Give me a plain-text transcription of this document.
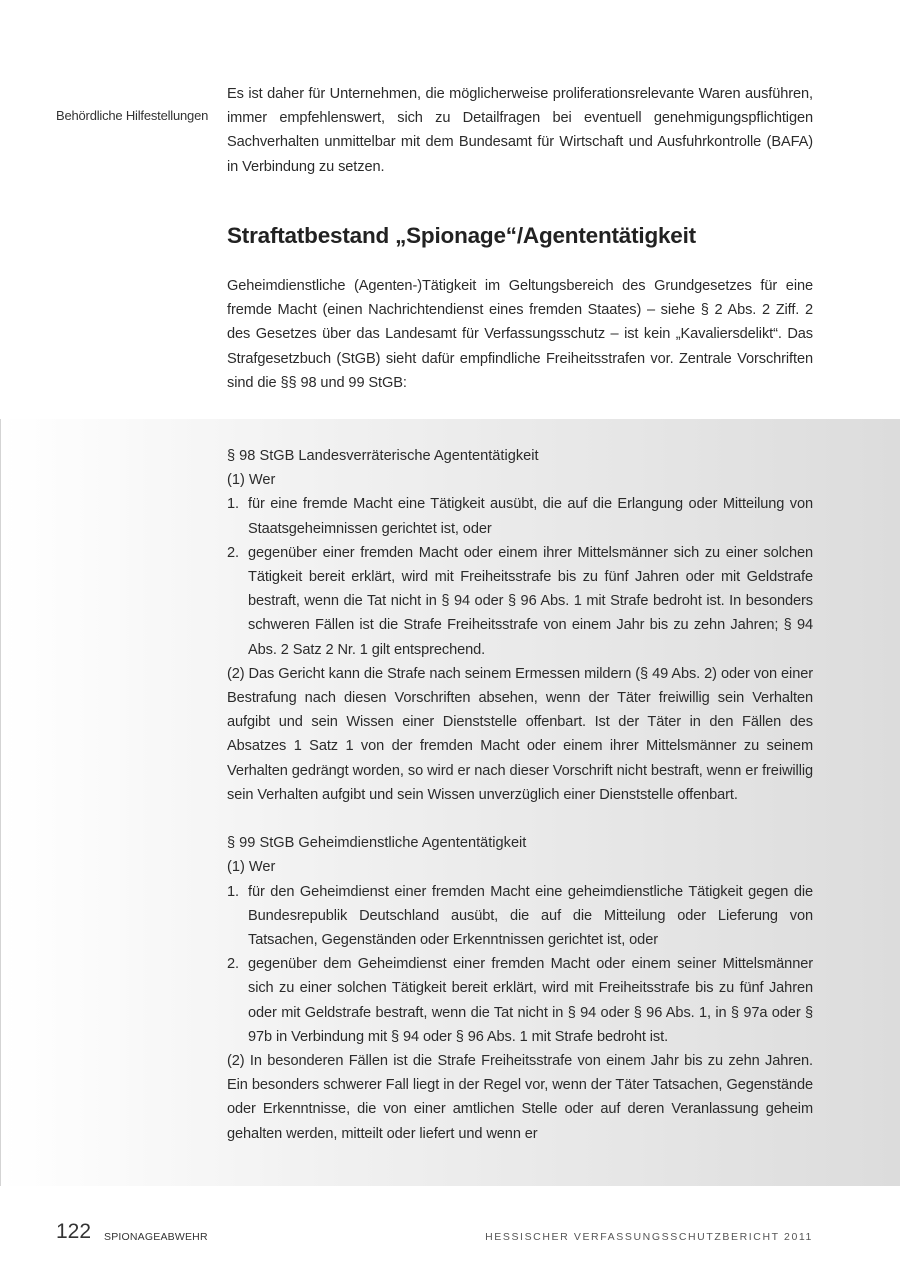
Behördliche Hilfestellungen

Es ist daher für Unternehmen, die möglicherweise proliferationsrelevante Waren ausführen, immer empfehlenswert, sich zu Detailfragen bei eventuell genehmigungspflichtigen Sachverhalten unmittelbar mit dem Bundesamt für Wirtschaft und Ausfuhrkontrolle (BAFA) in Verbindung zu setzen.

Straftatbestand „Spionage“/Agententätigkeit

Geheimdienstliche (Agenten-)Tätigkeit im Geltungsbereich des Grundgesetzes für eine fremde Macht (einen Nachrichtendienst eines fremden Staates) – siehe § 2 Abs. 2 Ziff. 2 des Gesetzes über das Landesamt für Verfassungsschutz – ist kein „Kavaliersdelikt“. Das Strafgesetzbuch (StGB) sieht dafür empfindliche Freiheitsstrafen vor. Zentrale Vorschriften sind die §§ 98 und 99 StGB:

§ 98 StGB Landesverräterische Agententätigkeit
(1) Wer
1. für eine fremde Macht eine Tätigkeit ausübt, die auf die Erlangung oder Mitteilung von Staatsgeheimnissen gerichtet ist, oder
2. gegenüber einer fremden Macht oder einem ihrer Mittelsmänner sich zu einer solchen Tätigkeit bereit erklärt, wird mit Freiheitsstrafe bis zu fünf Jahren oder mit Geldstrafe bestraft, wenn die Tat nicht in § 94 oder § 96 Abs. 1 mit Strafe bedroht ist. In besonders schweren Fällen ist die Strafe Freiheitsstrafe von einem Jahr bis zu zehn Jahren; § 94 Abs. 2 Satz 2 Nr. 1 gilt entsprechend.

(2) Das Gericht kann die Strafe nach seinem Ermessen mildern (§ 49 Abs. 2) oder von einer Bestrafung nach diesen Vorschriften absehen, wenn der Täter freiwillig sein Verhalten aufgibt und sein Wissen einer Dienststelle offenbart. Ist der Täter in den Fällen des Absatzes 1 Satz 1 von der fremden Macht oder einem ihrer Mittelsmänner zu seinem Verhalten gedrängt worden, so wird er nach dieser Vorschrift nicht bestraft, wenn er freiwillig sein Verhalten aufgibt und sein Wissen unverzüglich einer Dienststelle offenbart.

§ 99 StGB Geheimdienstliche Agententätigkeit
(1) Wer
1. für den Geheimdienst einer fremden Macht eine geheimdienstliche Tätigkeit gegen die Bundesrepublik Deutschland ausübt, die auf die Mitteilung oder Lieferung von Tatsachen, Gegenständen oder Erkenntnissen gerichtet ist, oder
2. gegenüber dem Geheimdienst einer fremden Macht oder einem seiner Mittelsmänner sich zu einer solchen Tätigkeit bereit erklärt, wird mit Freiheitsstrafe bis zu fünf Jahren oder mit Geldstrafe bestraft, wenn die Tat nicht in § 94 oder § 96 Abs. 1, in § 97a oder § 97b in Verbindung mit § 94 oder § 96 Abs. 1 mit Strafe bedroht ist.

(2) In besonderen Fällen ist die Strafe Freiheitsstrafe von einem Jahr bis zu zehn Jahren. Ein besonders schwerer Fall liegt in der Regel vor, wenn der Täter Tatsachen, Gegenstände oder Erkenntnisse, die von einer amtlichen Stelle oder auf deren Veranlassung geheim gehalten werden, mitteilt oder liefert und wenn er

122 SPIONAGEABWEHR	HESSISCHER VERFASSUNGSSCHUTZBERICHT 2011
